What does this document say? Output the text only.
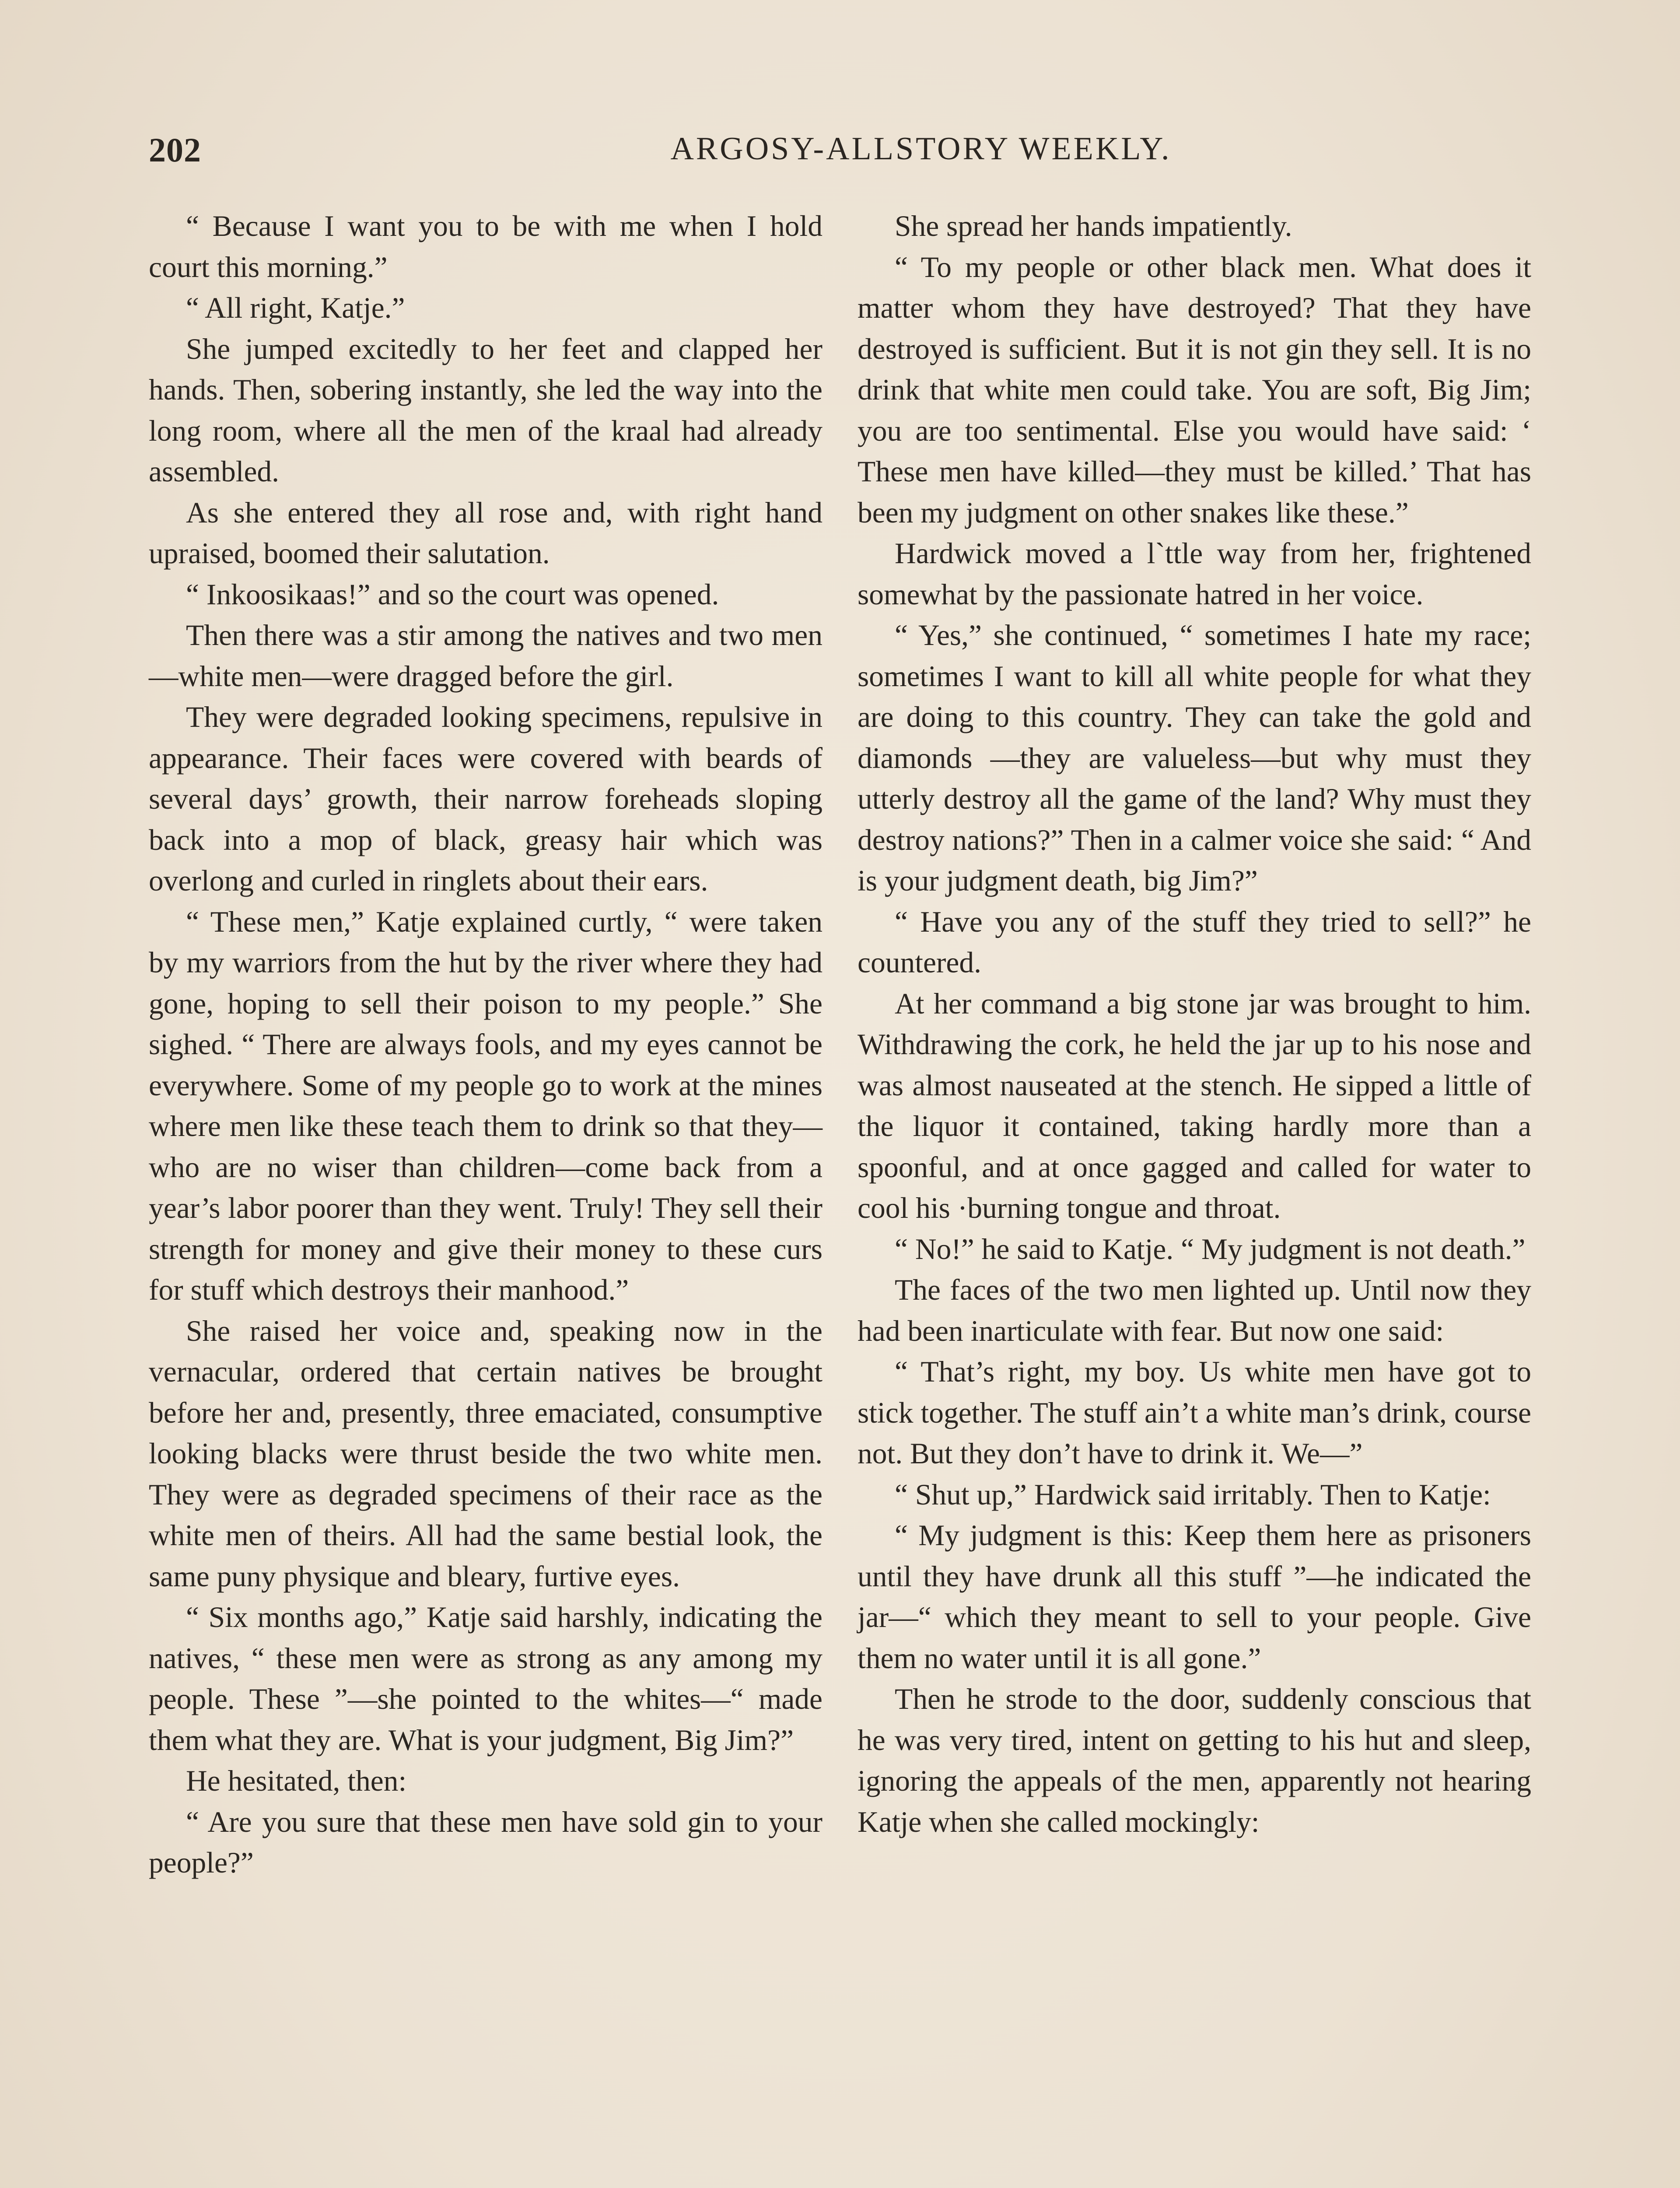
202	ARGOSY-ALLSTORY WEEKLY.

“ Because I want you to be with me when I hold court this morning.”

“ All right, Katje.”

She jumped excitedly to her feet and clapped her hands. Then, sobering instantly, she led the way into the long room, where all the men of the kraal had already assembled.

As she entered they all rose and, with right hand upraised, boomed their salutation.

“ Inkoosikaas!” and so the court was opened.

Then there was a stir among the natives and two men—white men—were dragged before the girl.

They were degraded looking specimens, repulsive in appearance. Their faces were covered with beards of several days’ growth, their narrow foreheads sloping back into a mop of black, greasy hair which was overlong and curled in ringlets about their ears.

“ These men,” Katje explained curtly, “ were taken by my warriors from the hut by the river where they had gone, hoping to sell their poison to my people.” She sighed. “ There are always fools, and my eyes cannot be everywhere. Some of my people go to work at the mines where men like these teach them to drink so that they—who are no wiser than children—come back from a year’s labor poorer than they went. Truly! They sell their strength for money and give their money to these curs for stuff which destroys their manhood.”

She raised her voice and, speaking now in the vernacular, ordered that certain natives be brought before her and, presently, three emaciated, consumptive looking blacks were thrust beside the two white men. They were as degraded specimens of their race as the white men of theirs. All had the same bestial look, the same puny physique and bleary, furtive eyes.

“ Six months ago,” Katje said harshly, indicating the natives, “ these men were as strong as any among my people. These ”—she pointed to the whites—“ made them what they are. What is your judgment, Big Jim?”

He hesitated, then:

“ Are you sure that these men have sold gin to your people?”

She spread her hands impatiently.

“ To my people or other black men. What does it matter whom they have destroyed? That they have destroyed is sufficient. But it is not gin they sell. It is no drink that white men could take. You are soft, Big Jim; you are too sentimental. Else you would have said: ‘ These men have killed—they must be killed.’ That has been my judgment on other snakes like these.”

Hardwick moved a l`ttle way from her, frightened somewhat by the passionate hatred in her voice.

“ Yes,” she continued, “ sometimes I hate my race; sometimes I want to kill all white people for what they are doing to this country. They can take the gold and diamonds —they are valueless—but why must they utterly destroy all the game of the land? Why must they destroy nations?” Then in a calmer voice she said: “ And is your judgment death, big Jim?”

“ Have you any of the stuff they tried to sell?” he countered.

At her command a big stone jar was brought to him. Withdrawing the cork, he held the jar up to his nose and was almost nauseated at the stench. He sipped a little of the liquor it contained, taking hardly more than a spoonful, and at once gagged and called for water to cool his ·burning tongue and throat.

“ No!” he said to Katje. “ My judgment is not death.”

The faces of the two men lighted up. Until now they had been inarticulate with fear. But now one said:

“ That’s right, my boy. Us white men have got to stick together. The stuff ain’t a white man’s drink, course not. But they don’t have to drink it. We—”

“ Shut up,” Hardwick said irritably. Then to Katje:

“ My judgment is this: Keep them here as prisoners until they have drunk all this stuff ”—he indicated the jar—“ which they meant to sell to your people. Give them no water until it is all gone.”

Then he strode to the door, suddenly conscious that he was very tired, intent on getting to his hut and sleep, ignoring the appeals of the men, apparently not hearing Katje when she called mockingly:
